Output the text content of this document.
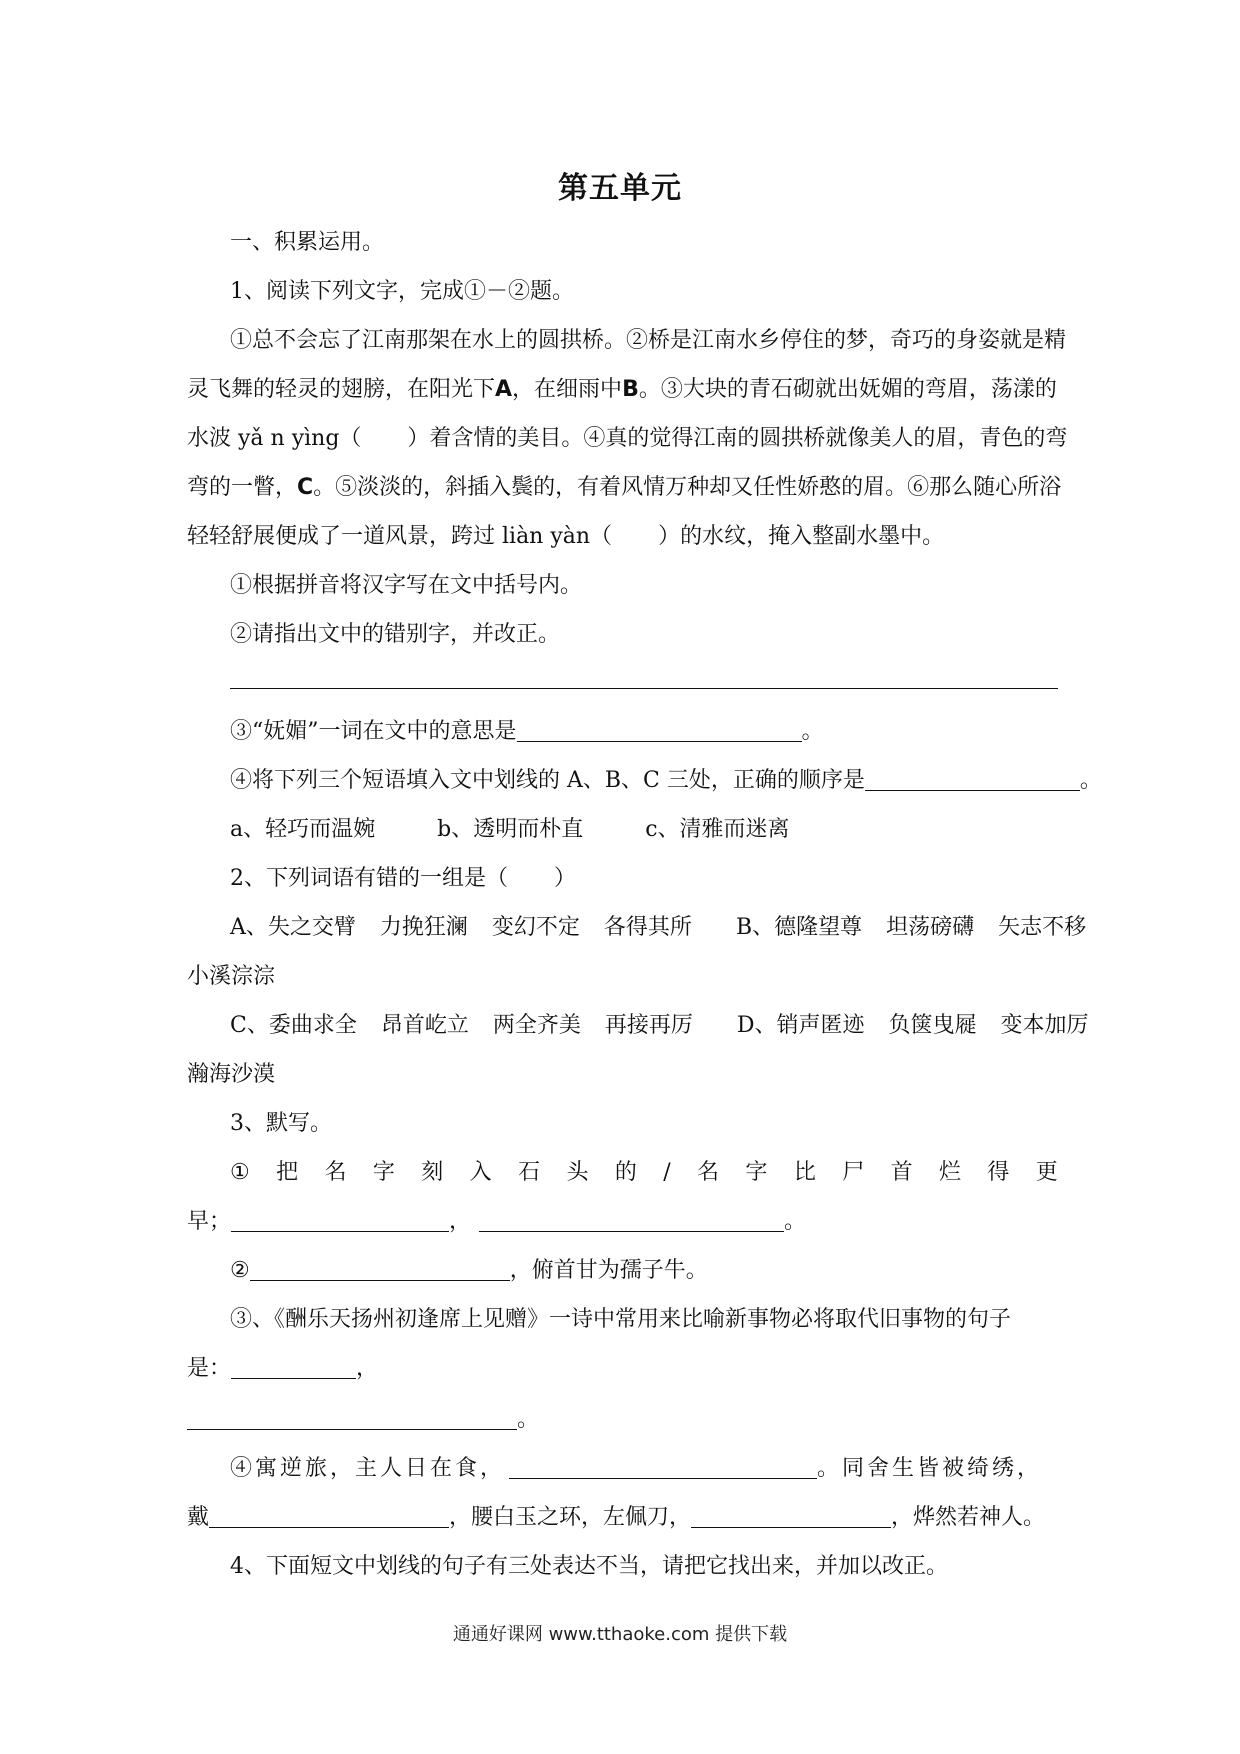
第五单元
一、积累运用。
1、阅读下列文字，完成①－②题。
①总不会忘了江南那架在水上的圆拱桥。②桥是江南水乡停住的梦，奇巧的身姿就是精
灵飞舞的轻灵的翅膀，在阳光下A，在细雨中B。③大块的青石砌就出妩媚的弯眉，荡漾的
水波 yǎ n yìng（ ）着含情的美目。④真的觉得江南的圆拱桥就像美人的眉，青色的弯
弯的一瞥，C。⑤淡淡的，斜插入鬓的，有着风情万种却又任性娇憨的眉。⑥那么随心所浴
轻轻舒展便成了一道风景，跨过 liàn yàn（ ）的水纹，掩入整副水墨中。
①根据拼音将汉字写在文中括号内。
②请指出文中的错别字，并改正。
③“妩媚”一词在文中的意思是	。
④将下列三个短语填入文中划线的 A、B、C 三处，正确的顺序是	。
a、轻巧而温婉	b、透明而朴直	c、清雅而迷离
2、下列词语有错的一组是（ ）
A、失之交臂 力挽狂澜 变幻不定 各得其所 B、德隆望尊 坦荡磅礴 矢志不移
小溪淙淙
C、委曲求全 昂首屹立 两全齐美 再接再厉 D、销声匿迹 负箧曳屣 变本加厉
瀚海沙漠
3、默写。
① 把 名 字 刻 入 石 头 的 / 名 字 比 尸 首 烂 得 更
早；	，	。
②	，俯首甘为孺子牛。
③、《酬乐天扬州初逢席上见赠》一诗中常用来比喻新事物必将取代旧事物的句子
是：	，
。
④寓逆旅，主人日在食，	。同舍生皆被绮绣，
戴	，腰白玉之环，左佩刀，	，烨然若神人。
4、下面短文中划线的句子有三处表达不当，请把它找出来，并加以改正。
通通好课网 www.tthaoke.com 提供下载
